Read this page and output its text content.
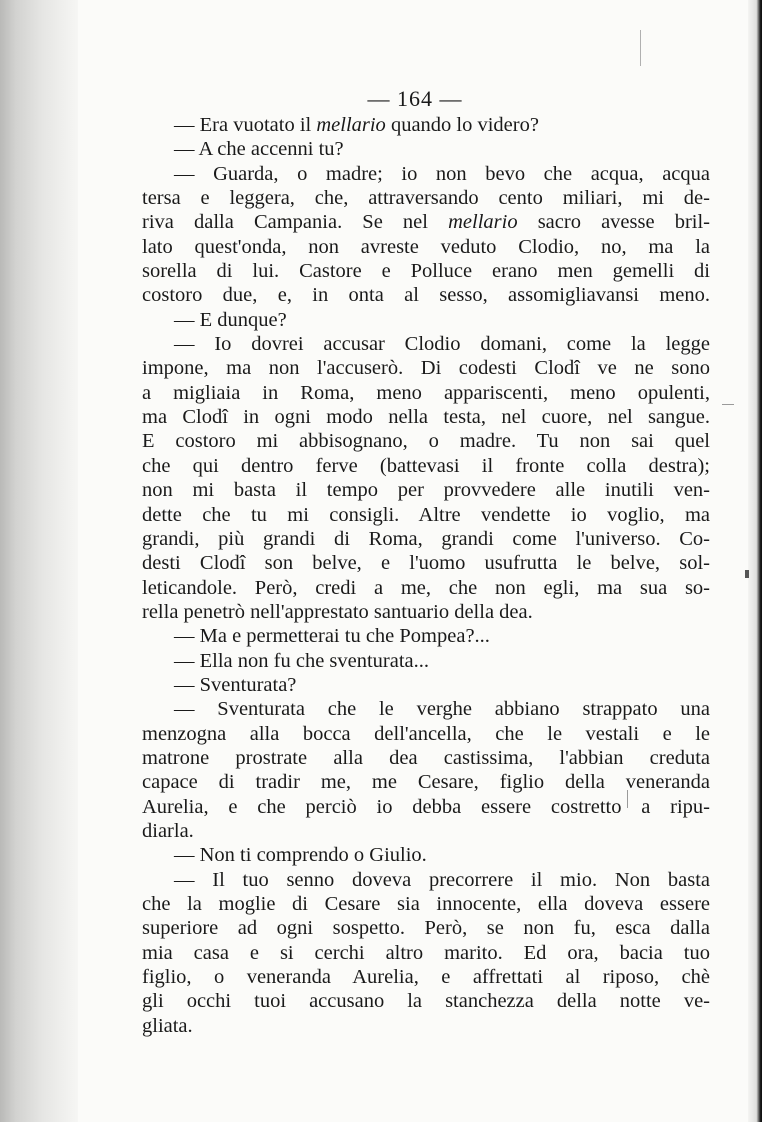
— 164 —
— Era vuotato il mellario quando lo videro?
— A che accenni tu?
— Guarda, o madre; io non bevo che acqua, acqua
tersa e leggera, che, attraversando cento miliari, mi de-
riva dalla Campania. Se nel mellario sacro avesse bril-
lato quest'onda, non avreste veduto Clodio, no, ma la
sorella di lui. Castore e Polluce erano men gemelli di
costoro due, e, in onta al sesso, assomigliavansi meno.
— E dunque?
— Io dovrei accusar Clodio domani, come la legge
impone, ma non l'accuserò. Di codesti Clodî ve ne sono
a migliaia in Roma, meno appariscenti, meno opulenti,
ma Clodî in ogni modo nella testa, nel cuore, nel sangue.
E costoro mi abbisognano, o madre. Tu non sai quel
che qui dentro ferve (battevasi il fronte colla destra);
non mi basta il tempo per provvedere alle inutili ven-
dette che tu mi consigli. Altre vendette io voglio, ma
grandi, più grandi di Roma, grandi come l'universo. Co-
desti Clodî son belve, e l'uomo usufrutta le belve, sol-
leticandole. Però, credi a me, che non egli, ma sua so-
rella penetrò nell'apprestato santuario della dea.
— Ma e permetterai tu che Pompea?...
— Ella non fu che sventurata...
— Sventurata?
— Sventurata che le verghe abbiano strappato una
menzogna alla bocca dell'ancella, che le vestali e le
matrone prostrate alla dea castissima, l'abbian creduta
capace di tradir me, me Cesare, figlio della veneranda
Aurelia, e che perciò io debba essere costretto a ripu-
diarla.
— Non ti comprendo o Giulio.
— Il tuo senno doveva precorrere il mio. Non basta
che la moglie di Cesare sia innocente, ella doveva essere
superiore ad ogni sospetto. Però, se non fu, esca dalla
mia casa e si cerchi altro marito. Ed ora, bacia tuo
figlio, o veneranda Aurelia, e affrettati al riposo, chè
gli occhi tuoi accusano la stanchezza della notte ve-
gliata.
